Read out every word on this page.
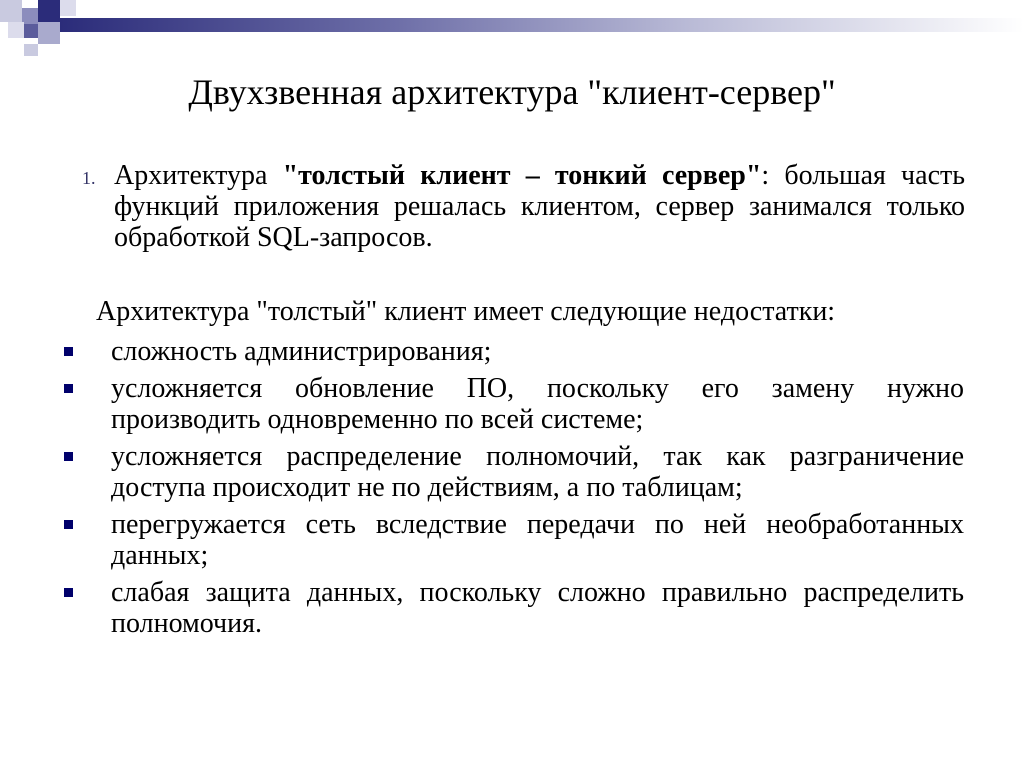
Двухзвенная архитектура "клиент-сервер"
1. Архитектура "толстый клиент – тонкий сервер": большая часть функций приложения решалась клиентом, сервер занимался только обработкой SQL-запросов.
Архитектура "толстый" клиент имеет следующие недостатки:
сложность администрирования;
усложняется обновление ПО, поскольку его замену нужно производить одновременно по всей системе;
усложняется распределение полномочий, так как разграничение доступа происходит не по действиям, а по таблицам;
перегружается сеть вследствие передачи по ней необработанных данных;
слабая защита данных, поскольку сложно правильно распределить полномочия.
